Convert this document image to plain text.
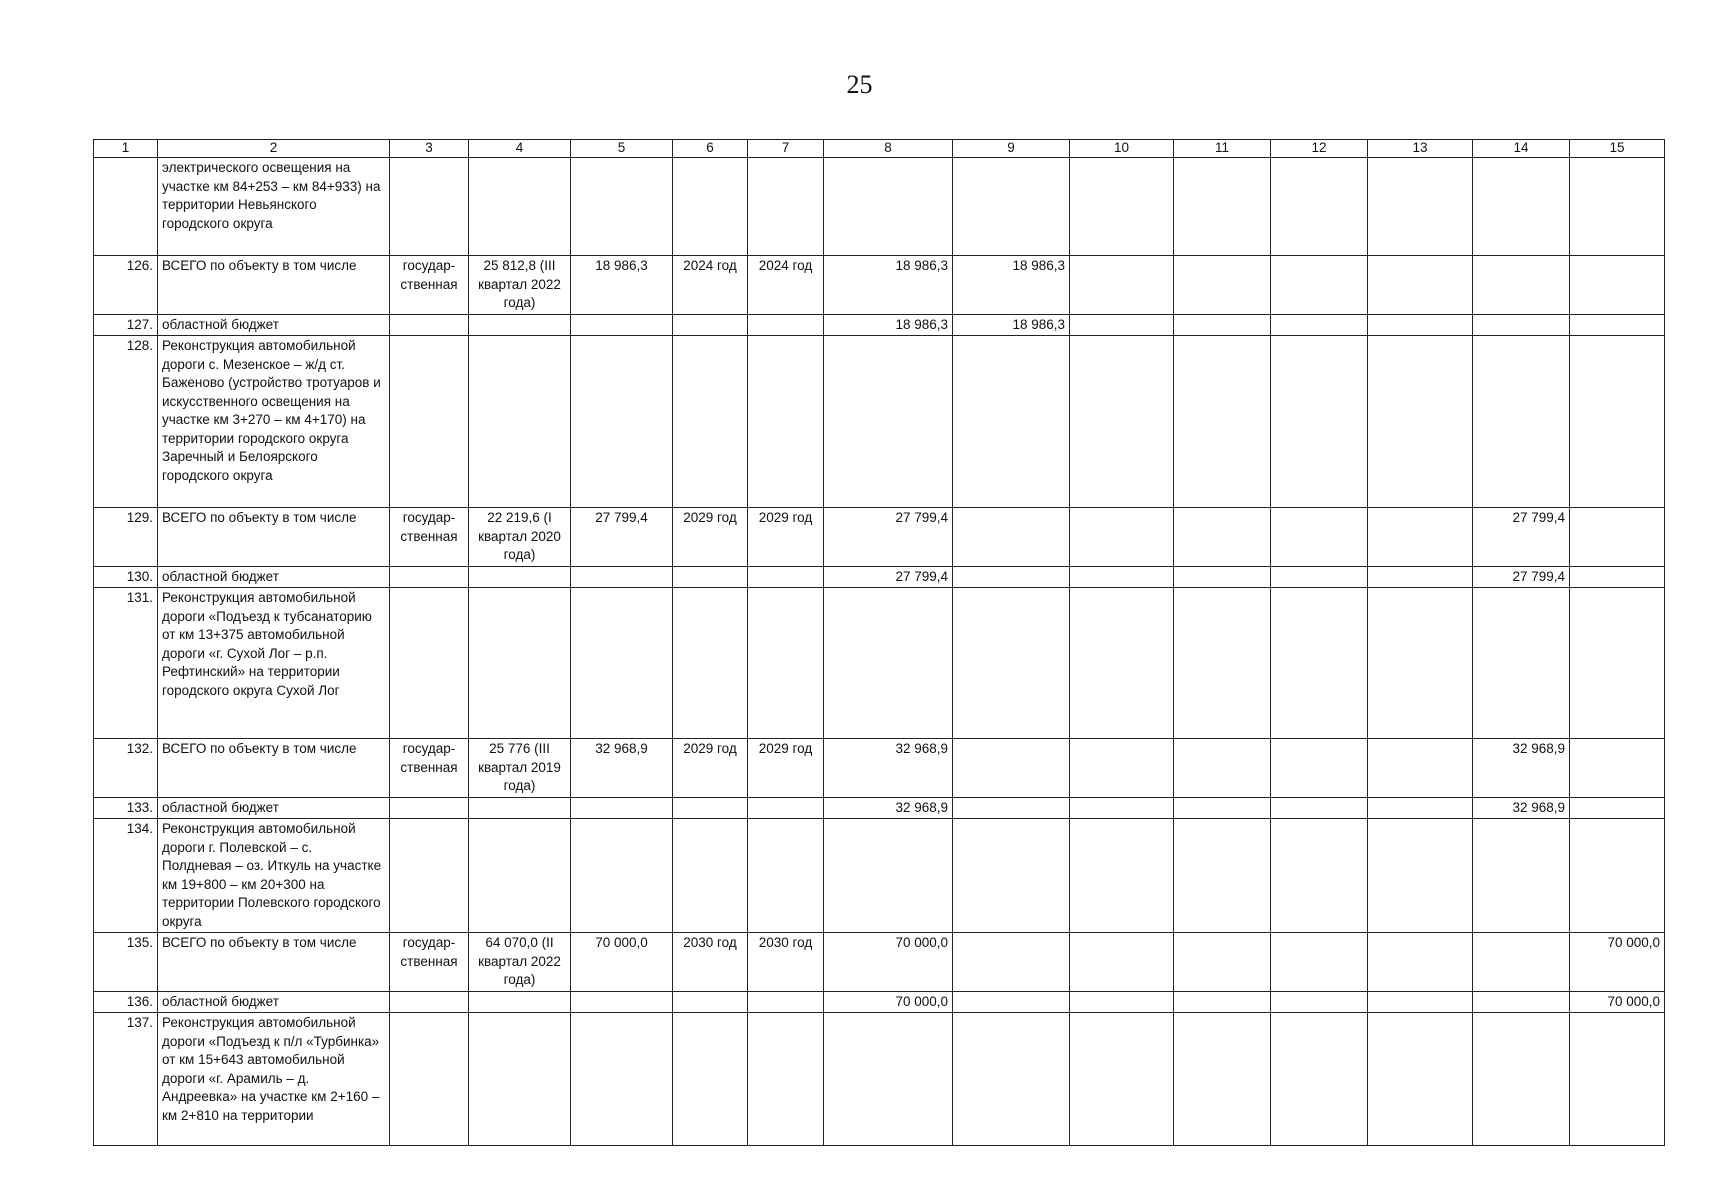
25
1	2	3	4	5	6	7	8	9	10	11	12	13	14	15
	электрического освещения на участке км 84+253 – км 84+933) на территории Невьянского городского округа													
126.	ВСЕГО по объекту в том числе	государ-ственная	25 812,8 (III квартал 2022 года)	18 986,3	2024 год	2024 год	18 986,3	18 986,3						
127.	областной бюджет						18 986,3	18 986,3						
128.	Реконструкция автомобильной дороги с. Мезенское – ж/д ст. Баженово (устройство тротуаров и искусственного освещения на участке км 3+270 – км 4+170) на территории городского округа Заречный и Белоярского городского округа													
129.	ВСЕГО по объекту в том числе	государ-ственная	22 219,6 (I квартал 2020 года)	27 799,4	2029 год	2029 год	27 799,4						27 799,4	
130.	областной бюджет						27 799,4						27 799,4	
131.	Реконструкция автомобильной дороги «Подъезд к тубсанаторию от км 13+375 автомобильной дороги «г. Сухой Лог – р.п. Рефтинский» на территории городского округа Сухой Лог													
132.	ВСЕГО по объекту в том числе	государ-ственная	25 776 (III квартал 2019 года)	32 968,9	2029 год	2029 год	32 968,9						32 968,9	
133.	областной бюджет						32 968,9						32 968,9	
134.	Реконструкция автомобильной дороги г. Полевской – с. Полдневая – оз. Иткуль на участке км 19+800 – км 20+300 на территории Полевского городского округа													
135.	ВСЕГО по объекту в том числе	государ-ственная	64 070,0 (II квартал 2022 года)	70 000,0	2030 год	2030 год	70 000,0							70 000,0
136.	областной бюджет						70 000,0							70 000,0
137.	Реконструкция автомобильной дороги «Подъезд к п/л «Турбинка» от км 15+643 автомобильной дороги «г. Арамиль – д. Андреевка» на участке км 2+160 – км 2+810 на территории													
